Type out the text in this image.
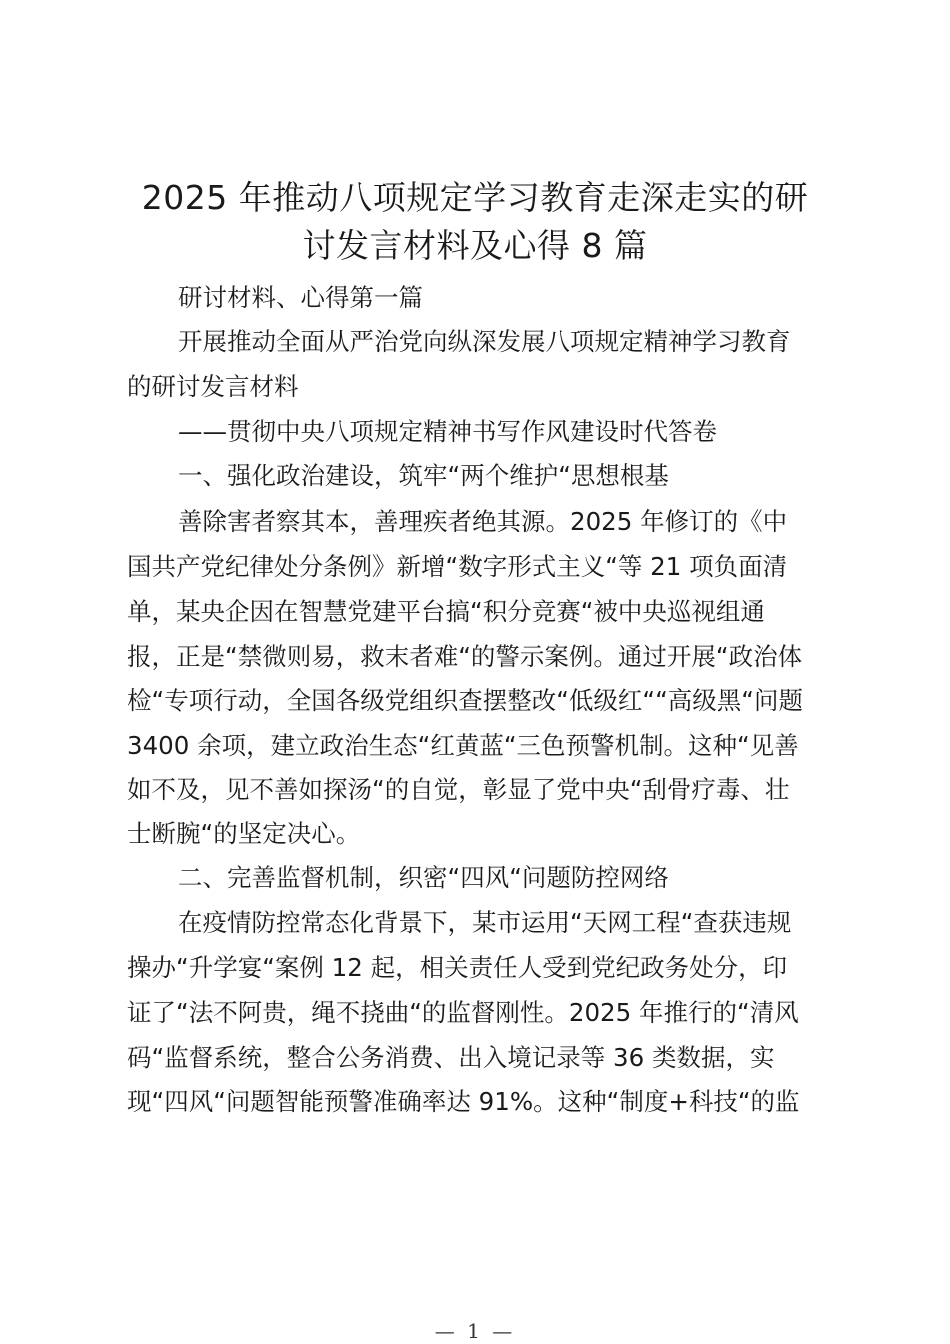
2025 年推动八项规定学习教育走深走实的研
讨发言材料及心得 8 篇
研讨材料、心得第一篇
开展推动全面从严治党向纵深发展八项规定精神学习教育
的研讨发言材料
——贯彻中央八项规定精神书写作风建设时代答卷
一、强化政治建设，筑牢“两个维护“思想根基
善除害者察其本，善理疾者绝其源。2025 年修订的《中
国共产党纪律处分条例》新增“数字形式主义“等 21 项负面清
单，某央企因在智慧党建平台搞“积分竞赛“被中央巡视组通
报，正是“禁微则易，救末者难“的警示案例。通过开展“政治体
检“专项行动，全国各级党组织查摆整改“低级红““高级黑“问题
3400 余项，建立政治生态“红黄蓝“三色预警机制。这种“见善
如不及，见不善如探汤“的自觉，彰显了党中央“刮骨疗毒、壮
士断腕“的坚定决心。
二、完善监督机制，织密“四风“问题防控网络
在疫情防控常态化背景下，某市运用“天网工程“查获违规
操办“升学宴“案例 12 起，相关责任人受到党纪政务处分，印
证了“法不阿贵，绳不挠曲“的监督刚性。2025 年推行的“清风
码“监督系统，整合公务消费、出入境记录等 36 类数据，实
现“四风“问题智能预警准确率达 91%。这种“制度+科技“的监
— 1 —
